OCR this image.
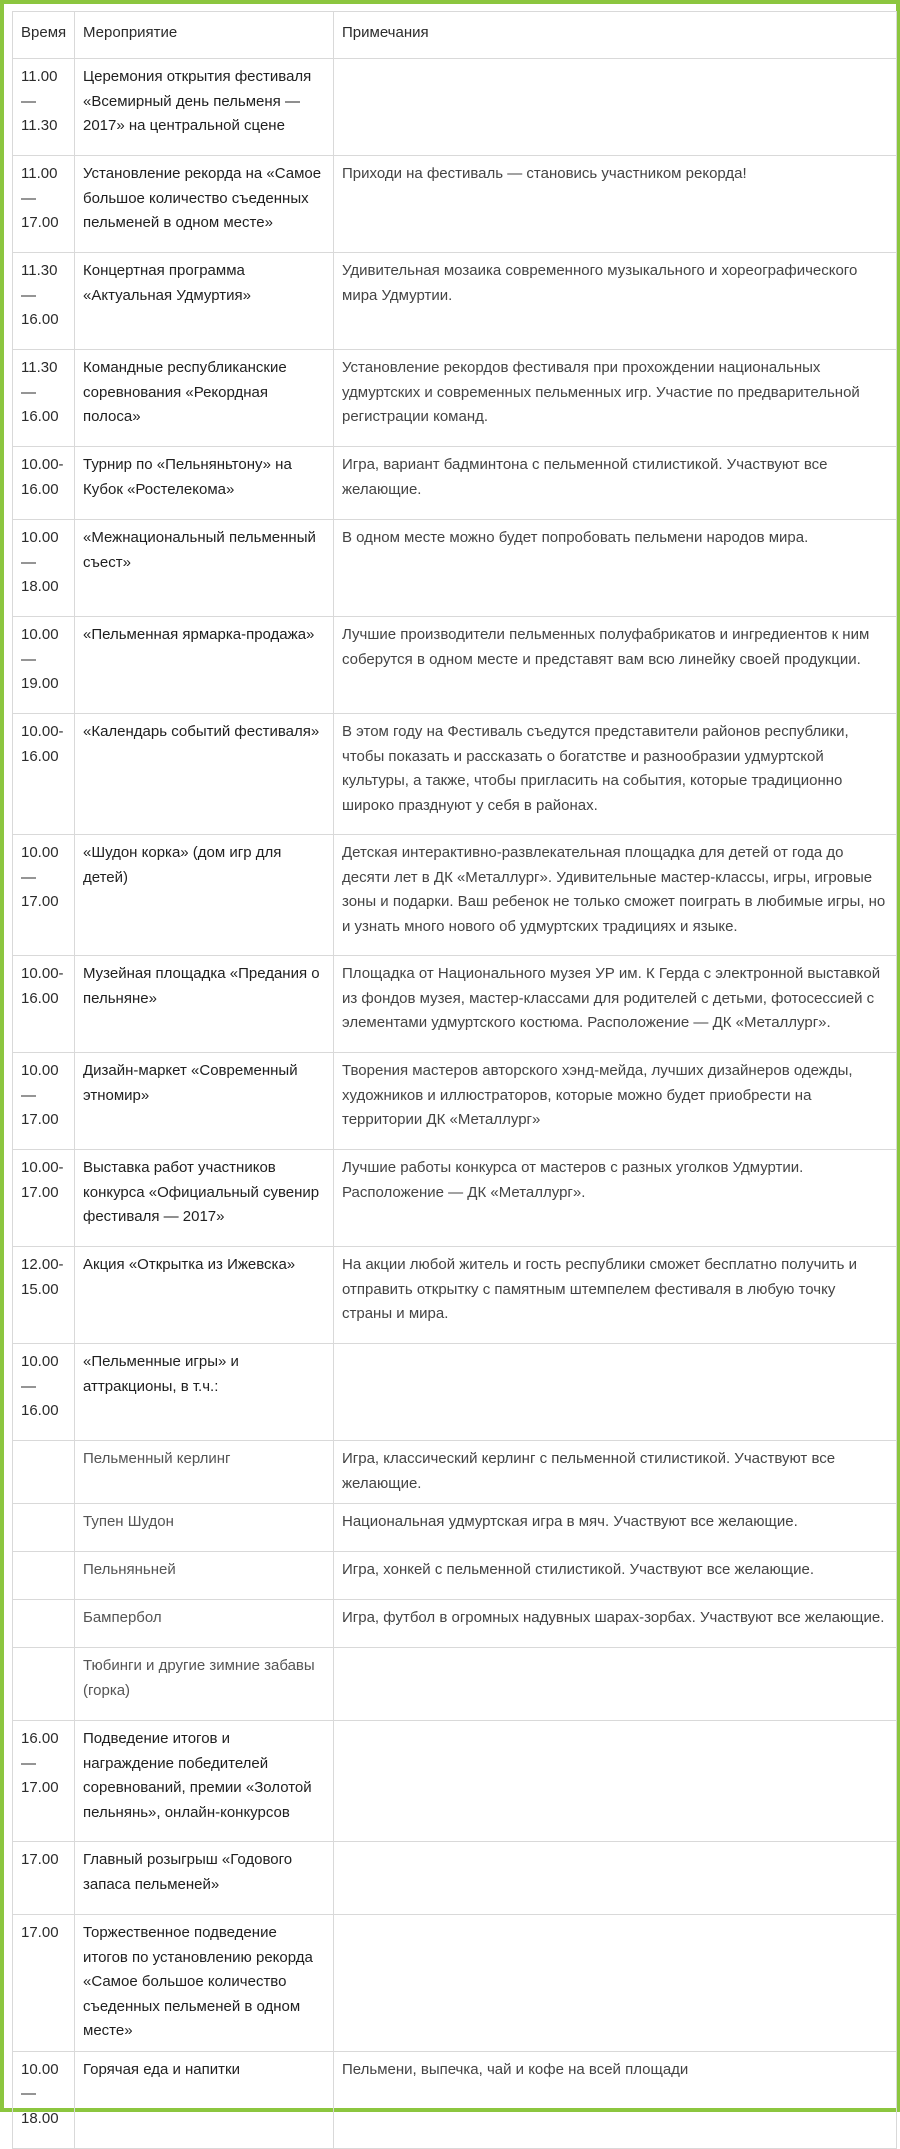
Время	Мероприятие	Примечания
11.00 — 11.30	Церемония открытия фестиваля «Всемирный день пельменя — 2017» на центральной сцене	
11.00 — 17.00	Установление рекорда на «Самое большое количество съеденных пельменей в одном месте»	Приходи на фестиваль — становись участником рекорда!
11.30 — 16.00	Концертная программа «Актуальная Удмуртия»	Удивительная мозаика современного музыкального и хореографического мира Удмуртии.
11.30 — 16.00	Командные республиканские соревнования «Рекордная полоса»	Установление рекордов фестиваля при прохождении национальных удмуртских и современных пельменных игр. Участие по предварительной регистрации команд.
10.00-16.00	Турнир по «Пельняньтону» на Кубок «Ростелекома»	Игра, вариант бадминтона с пельменной стилистикой. Участвуют все желающие.
10.00 — 18.00	«Межнациональный пельменный съест»	В одном месте можно будет попробовать пельмени народов мира.
10.00 — 19.00	«Пельменная ярмарка-продажа»	Лучшие производители пельменных полуфабрикатов и ингредиентов к ним соберутся в одном месте и представят вам всю линейку своей продукции.
10.00-16.00	«Календарь событий фестиваля»	В этом году на Фестиваль съедутся представители районов республики, чтобы показать и рассказать о богатстве и разнообразии удмуртской культуры, а также, чтобы пригласить на события, которые традиционно широко празднуют у себя в районах.
10.00 — 17.00	«Шудон корка» (дом игр для детей)	Детская интерактивно-развлекательная площадка для детей от года до десяти лет в ДК «Металлург». Удивительные мастер-классы, игры, игровые зоны и подарки. Ваш ребенок не только сможет поиграть в любимые игры, но и узнать много нового об удмуртских традициях и языке.
10.00-16.00	Музейная площадка «Предания о пельняне»	Площадка от Национального музея УР им. К Герда с электронной выставкой из фондов музея, мастер-классами для родителей с детьми, фотосессией с элементами удмуртского костюма. Расположение — ДК «Металлург».
10.00 — 17.00	Дизайн-маркет «Современный этномир»	Творения мастеров авторского хэнд-мейда, лучших дизайнеров одежды, художников и иллюстраторов, которые можно будет приобрести на территории ДК «Металлург»
10.00-17.00	Выставка работ участников конкурса «Официальный сувенир фестиваля — 2017»	Лучшие работы конкурса от мастеров с разных уголков Удмуртии. Расположение — ДК «Металлург».
12.00-15.00	Акция «Открытка из Ижевска»	На акции любой житель и гость республики сможет бесплатно получить и отправить открытку с памятным штемпелем фестиваля в любую точку страны и мира.
10.00 — 16.00	«Пельменные игры» и аттракционы, в т.ч.:	
	Пельменный керлинг	Игра, классический керлинг с пельменной стилистикой. Участвуют все желающие.
	Тупен Шудон	Национальная удмуртская игра в мяч. Участвуют все желающие.
	Пельняньней	Игра, хонкей с пельменной стилистикой. Участвуют все желающие.
	Бампербол	Игра, футбол в огромных надувных шарах-зорбах. Участвуют все желающие.
	Тюбинги и другие зимние забавы (горка)	
16.00 — 17.00	Подведение итогов и награждение победителей соревнований, премии «Золотой пельнянь», онлайн-конкурсов	
17.00	Главный розыгрыш «Годового запаса пельменей»	
17.00	Торжественное подведение итогов по установлению рекорда «Самое большое количество съеденных пельменей в одном месте»	
10.00 — 18.00	Горячая еда и напитки	Пельмени, выпечка, чай и кофе на всей площади
